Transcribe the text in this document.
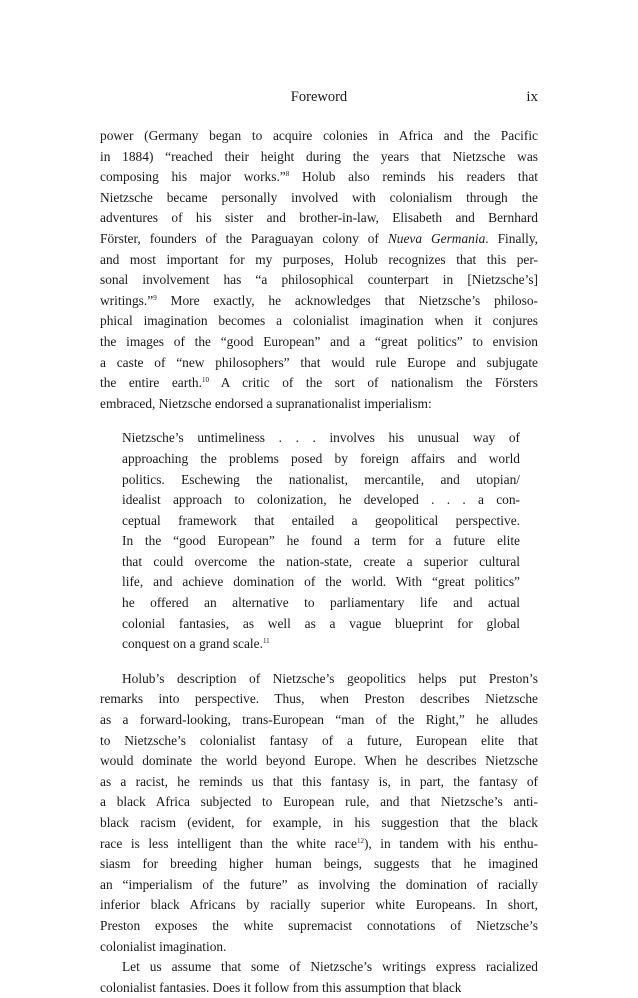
Foreword	ix

power (Germany began to acquire colonies in Africa and the Pacific
in 1884) “reached their height during the years that Nietzsche was
composing his major works.”$^8$ Holub also reminds his readers that
Nietzsche became personally involved with colonialism through the
adventures of his sister and brother-in-law, Elisabeth and Bernhard
Förster, founders of the Paraguayan colony of Nueva Germania. Finally,
and most important for my purposes, Holub recognizes that this per-
sonal involvement has “a philosophical counterpart in [Nietzsche’s]
writings.”$^9$ More exactly, he acknowledges that Nietzsche’s philoso-
phical imagination becomes a colonialist imagination when it conjures
the images of the “good European” and a “great politics” to envision
a caste of “new philosophers” that would rule Europe and subjugate
the entire earth.$^{10}$ A critic of the sort of nationalism the Försters
embraced, Nietzsche endorsed a supranationalist imperialism:

Nietzsche’s untimeliness . . . involves his unusual way of
approaching the problems posed by foreign affairs and world
politics. Eschewing the nationalist, mercantile, and utopian/
idealist approach to colonization, he developed . . . a con-
ceptual framework that entailed a geopolitical perspective.
In the “good European” he found a term for a future elite
that could overcome the nation-state, create a superior cultural
life, and achieve domination of the world. With “great politics”
he offered an alternative to parliamentary life and actual
colonial fantasies, as well as a vague blueprint for global
conquest on a grand scale.$^{11}$

Holub’s description of Nietzsche’s geopolitics helps put Preston’s
remarks into perspective. Thus, when Preston describes Nietzsche
as a forward-looking, trans-European “man of the Right,” he alludes
to Nietzsche’s colonialist fantasy of a future, European elite that
would dominate the world beyond Europe. When he describes Nietzsche
as a racist, he reminds us that this fantasy is, in part, the fantasy of
a black Africa subjected to European rule, and that Nietzsche’s anti-
black racism (evident, for example, in his suggestion that the black
race is less intelligent than the white race$^{12}$), in tandem with his enthu-
siasm for breeding higher human beings, suggests that he imagined
an “imperialism of the future” as involving the domination of racially
inferior black Africans by racially superior white Europeans. In short,
Preston exposes the white supremacist connotations of Nietzsche’s
colonialist imagination.

Let us assume that some of Nietzsche’s writings express racialized
colonialist fantasies. Does it follow from this assumption that black
